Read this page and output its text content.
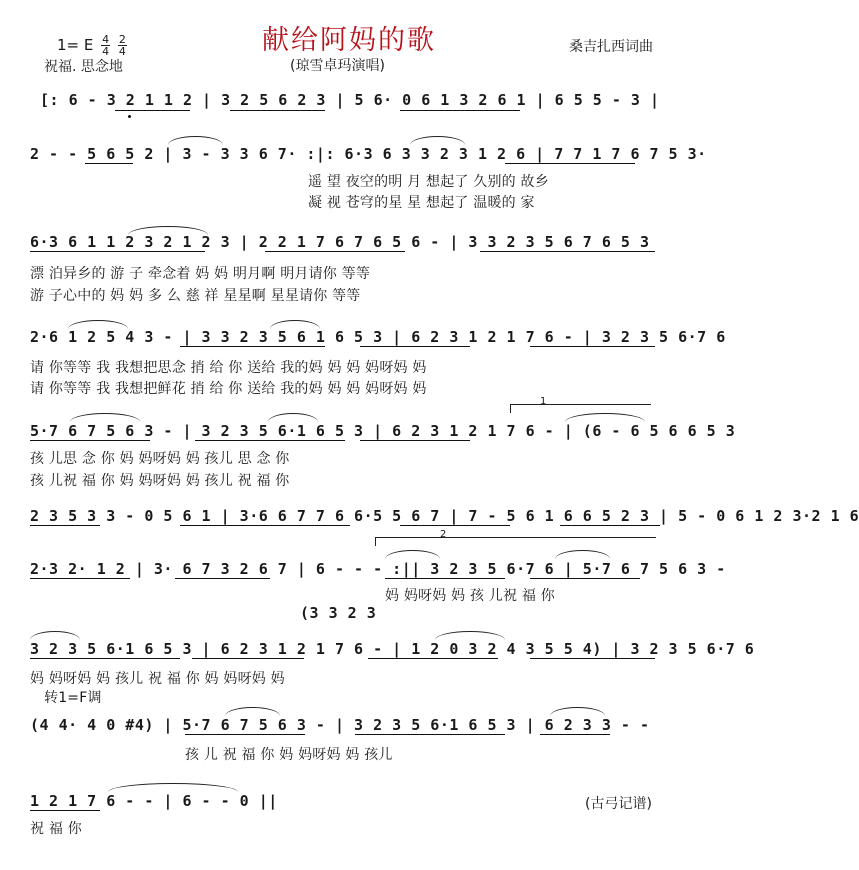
献给阿妈的歌
1= E $\frac{4}{4}$
$\frac{2}{4}$
祝福. 思念地	(琼雪卓玛演唱)
桑吉扎西词曲
[: 6 - 3 2 1 1 2 | 3 2 5 6 2 3 | 5 6· 0 6 1 3 2 6 1 | 6 5 5 - 3 |
2 - - 5 6 5 2 | 3 - 3 3 6 7· :|: 6·3 6 3 3 2 3 1 2 6 | 7 7 1 7 6 7 5 3·
遥 望 夜空的明 月 想起了 久别的 故乡
凝 视 苍穹的星 星 想起了 温暖的 家
6·3 6 1 1 2 3 2 1 2 3 | 2 2 1 7 6 7 6 5 6 - | 3 3 2 3 5 6 7 6 5 3
漂 泊异乡的 游 子 牵念着 妈 妈 明月啊 明月请你 等等
游 子心中的 妈 妈 多 么 慈 祥 星星啊 星星请你 等等
2·6 1 2 5 4 3 - | 3 3 2 3 5 6 1 6 5 3 | 6 2 3 1 2 1 7 6 - | 3 2 3 5 6·7 6
请 你等等 我 我想把思念 捎 给 你 送给 我的妈 妈 妈 妈呀妈 妈
请 你等等 我 我想把鲜花 捎 给 你 送给 我的妈 妈 妈 妈呀妈 妈
1
5·7 6 7 5 6 3 - | 3 2 3 5 6·1 6 5 3 | 6 2 3 1 2 1 7 6 - | (6 - 6 5 6 6 5 3
孩 儿思 念 你 妈 妈呀妈 妈 孩儿 思 念 你
孩 儿祝 福 你 妈 妈呀妈 妈 孩儿 祝 福 你
2 3 5 3 3 - 0 5 6 1 | 3·6 6 7 7 6 6·5 5 6 7 | 7 - 5 6 1 6 6 5 2 3 | 5 - 0 6 1 2 3·2 1 6
2
2·3 2· 1 2 | 3· 6 7 3 2 6 7 | 6 - - - :|| 3 2 3 5 6·7 6 | 5·7 6 7 5 6 3 -
妈 妈呀妈 妈 孩 儿祝 福 你
(3 3 2 3
3 2 3 5 6·1 6 5 3 | 6 2 3 1 2 1 7 6 - | 1 2 0 3 2 4 3 5 5 4) | 3 2 3 5 6·7 6
妈 妈呀妈 妈 孩儿 祝 福 你 妈 妈呀妈 妈
转1=F调
(4 4· 4 0 #4) | 5·7 6 7 5 6 3 - | 3 2 3 5 6·1 6 5 3 | 6 2 3 3 - -
孩 儿 祝 福 你 妈 妈呀妈 妈 孩儿
1 2 1 7 6 - - | 6 - - 0 ||
祝 福 你
(古弓记谱)
